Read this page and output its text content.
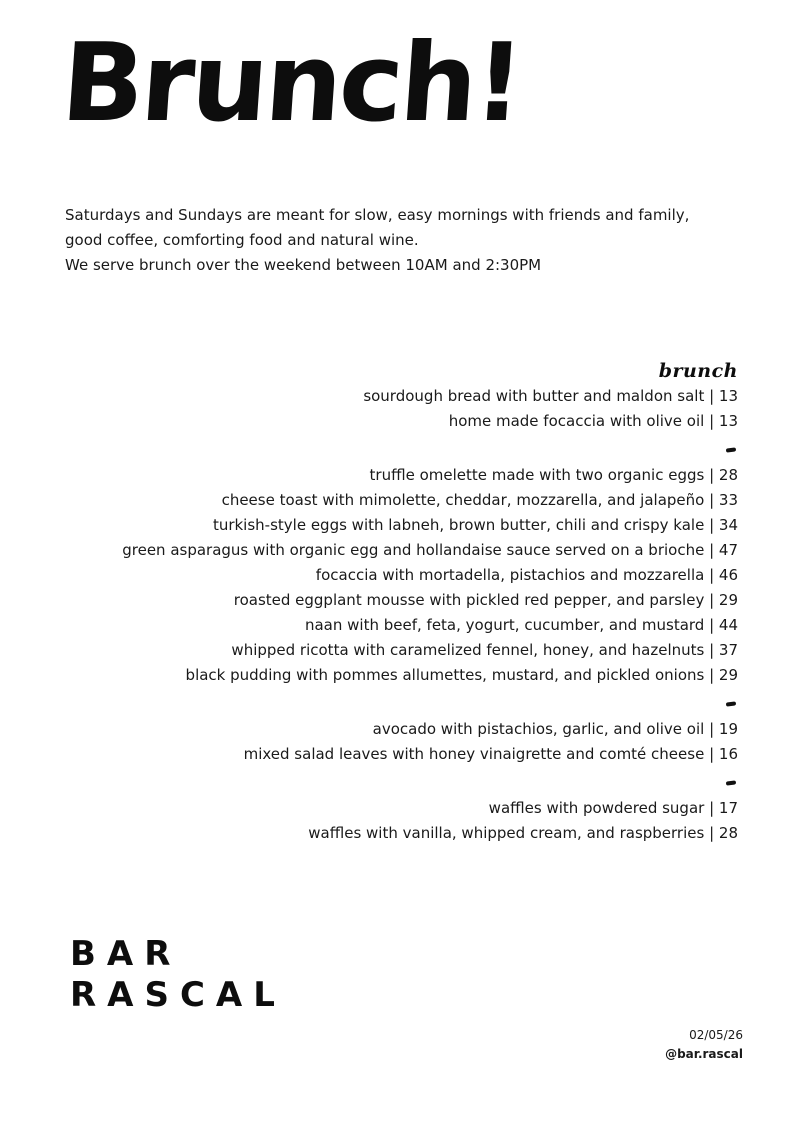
Brunch!

Saturdays and Sundays are meant for slow, easy mornings with friends and family,

good coffee, comforting food and natural wine.

We serve brunch over the weekend between 10AM and 2:30PM

brunch
sourdough bread with butter and maldon salt | 13
home made focaccia with olive oil | 13
truffle omelette made with two organic eggs | 28
cheese toast with mimolette, cheddar, mozzarella, and jalapeño | 33
turkish-style eggs with labneh, brown butter, chili and crispy kale | 34
green asparagus with organic egg and hollandaise sauce served on a brioche | 47
focaccia with mortadella, pistachios and mozzarella | 46
roasted eggplant mousse with pickled red pepper, and parsley | 29
naan with beef, feta, yogurt, cucumber, and mustard | 44
whipped ricotta with caramelized fennel, honey, and hazelnuts | 37
black pudding with pommes allumettes, mustard, and pickled onions | 29
avocado with pistachios, garlic, and olive oil | 19
mixed salad leaves with honey vinaigrette and comté cheese | 16
waffles with powdered sugar | 17
waffles with vanilla, whipped cream, and raspberries | 28
BAR
RASCAL
02/05/26
@bar.rascal
